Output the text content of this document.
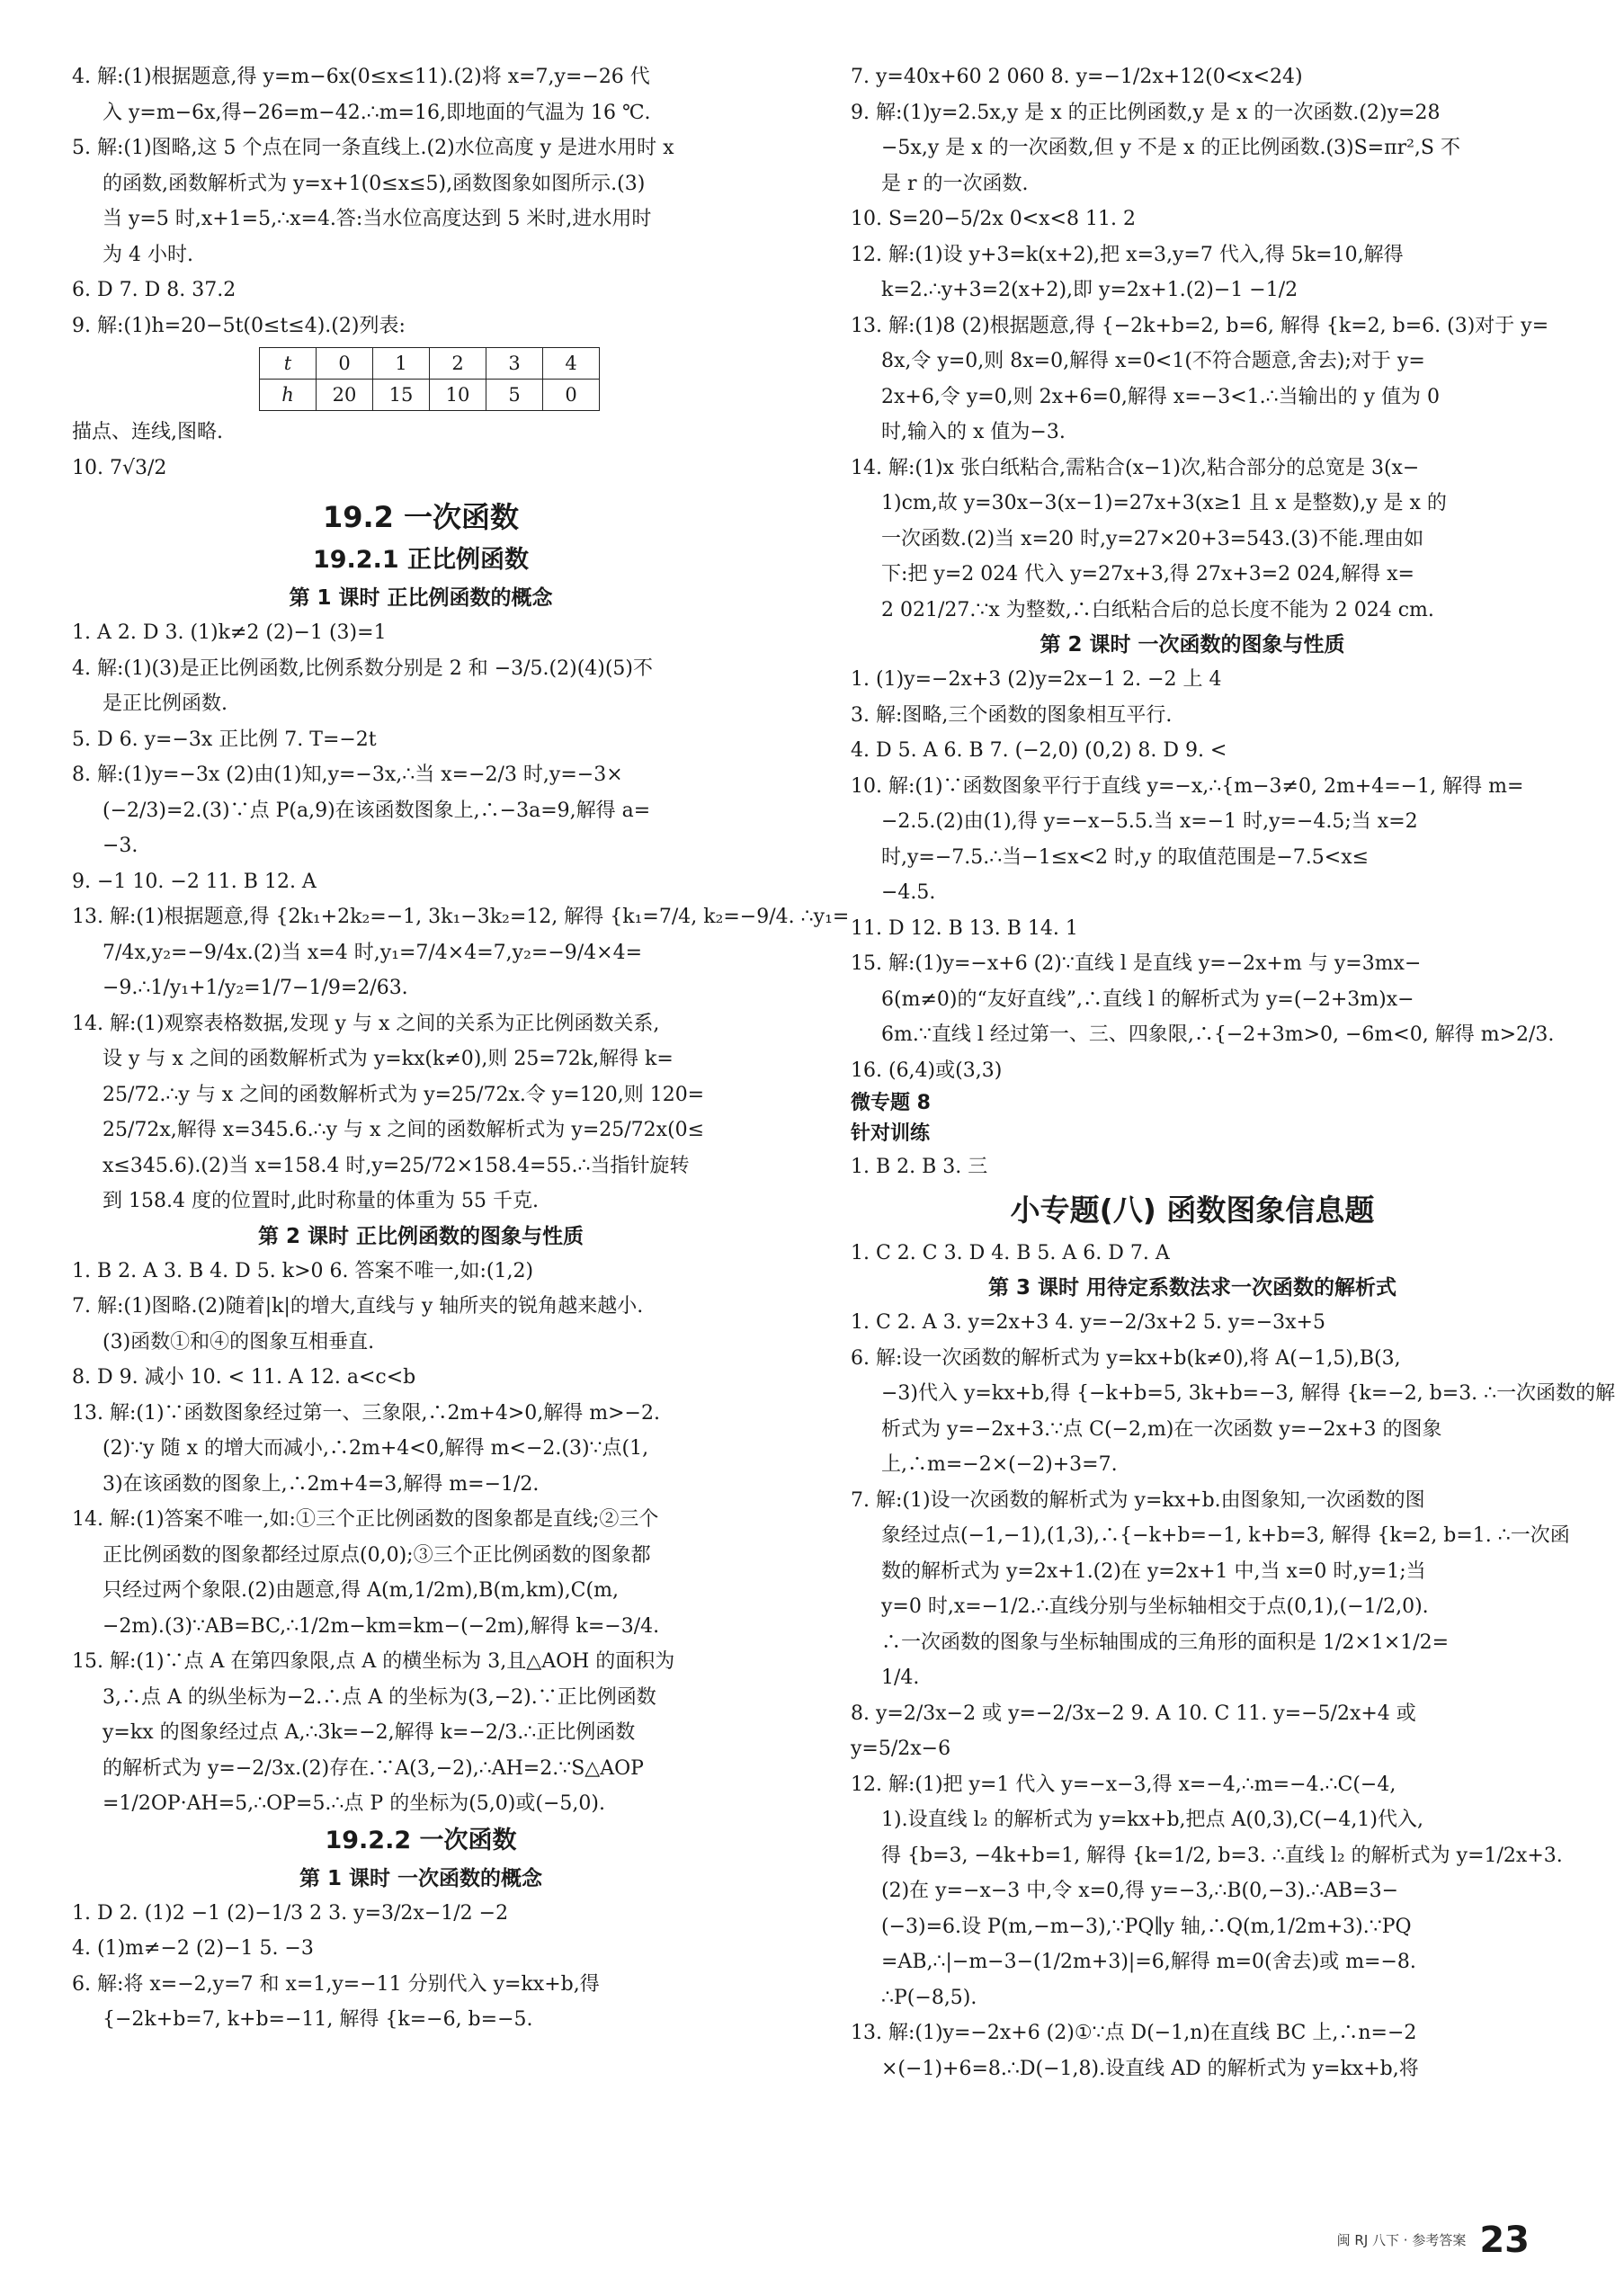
4. 解:(1)根据题意,得 y=m−6x(0≤x≤11).(2)将 x=7,y=−26 代
入 y=m−6x,得−26=m−42.∴m=16,即地面的气温为 16 ℃.
5. 解:(1)图略,这 5 个点在同一条直线上.(2)水位高度 y 是进水用时 x
的函数,函数解析式为 y=x+1(0≤x≤5),函数图象如图所示.(3)
当 y=5 时,x+1=5,∴x=4.答:当水位高度达到 5 米时,进水用时
为 4 小时.
6. D 7. D 8. 37.2
9. 解:(1)h=20−5t(0≤t≤4).(2)列表:
t	0	1	2	3	4
h	20	15	10	5	0
描点、连线,图略.
10. 7√3/2
19.2 一次函数
19.2.1 正比例函数
第 1 课时 正比例函数的概念
1. A 2. D 3. (1)k≠2 (2)−1 (3)=1
4. 解:(1)(3)是正比例函数,比例系数分别是 2 和 −3/5.(2)(4)(5)不
是正比例函数.
5. D 6. y=−3x 正比例 7. T=−2t
8. 解:(1)y=−3x (2)由(1)知,y=−3x,∴当 x=−2/3 时,y=−3×
(−2/3)=2.(3)∵点 P(a,9)在该函数图象上,∴−3a=9,解得 a=
−3.
9. −1 10. −2 11. B 12. A
13. 解:(1)根据题意,得 {2k₁+2k₂=−1, 3k₁−3k₂=12, 解得 {k₁=7/4, k₂=−9/4. ∴y₁=
7/4x,y₂=−9/4x.(2)当 x=4 时,y₁=7/4×4=7,y₂=−9/4×4=
−9.∴1/y₁+1/y₂=1/7−1/9=2/63.
14. 解:(1)观察表格数据,发现 y 与 x 之间的关系为正比例函数关系,
设 y 与 x 之间的函数解析式为 y=kx(k≠0),则 25=72k,解得 k=
25/72.∴y 与 x 之间的函数解析式为 y=25/72x.令 y=120,则 120=
25/72x,解得 x=345.6.∴y 与 x 之间的函数解析式为 y=25/72x(0≤
x≤345.6).(2)当 x=158.4 时,y=25/72×158.4=55.∴当指针旋转
到 158.4 度的位置时,此时称量的体重为 55 千克.
第 2 课时 正比例函数的图象与性质
1. B 2. A 3. B 4. D 5. k>0 6. 答案不唯一,如:(1,2)
7. 解:(1)图略.(2)随着|k|的增大,直线与 y 轴所夹的锐角越来越小.
(3)函数①和④的图象互相垂直.
8. D 9. 减小 10. < 11. A 12. a<c<b
13. 解:(1)∵函数图象经过第一、三象限,∴2m+4>0,解得 m>−2.
(2)∵y 随 x 的增大而减小,∴2m+4<0,解得 m<−2.(3)∵点(1,
3)在该函数的图象上,∴2m+4=3,解得 m=−1/2.
14. 解:(1)答案不唯一,如:①三个正比例函数的图象都是直线;②三个
正比例函数的图象都经过原点(0,0);③三个正比例函数的图象都
只经过两个象限.(2)由题意,得 A(m,1/2m),B(m,km),C(m,
−2m).(3)∵AB=BC,∴1/2m−km=km−(−2m),解得 k=−3/4.
15. 解:(1)∵点 A 在第四象限,点 A 的横坐标为 3,且△AOH 的面积为
3,∴点 A 的纵坐标为−2.∴点 A 的坐标为(3,−2).∵正比例函数
y=kx 的图象经过点 A,∴3k=−2,解得 k=−2/3.∴正比例函数
的解析式为 y=−2/3x.(2)存在.∵A(3,−2),∴AH=2.∵S△AOP
=1/2OP·AH=5,∴OP=5.∴点 P 的坐标为(5,0)或(−5,0).
19.2.2 一次函数
第 1 课时 一次函数的概念
1. D 2. (1)2 −1 (2)−1/3 2 3. y=3/2x−1/2 −2
4. (1)m≠−2 (2)−1 5. −3
6. 解:将 x=−2,y=7 和 x=1,y=−11 分别代入 y=kx+b,得
{−2k+b=7, k+b=−11, 解得 {k=−6, b=−5.
7. y=40x+60 2 060 8. y=−1/2x+12(0<x<24)
9. 解:(1)y=2.5x,y 是 x 的正比例函数,y 是 x 的一次函数.(2)y=28
−5x,y 是 x 的一次函数,但 y 不是 x 的正比例函数.(3)S=πr²,S 不
是 r 的一次函数.
10. S=20−5/2x 0<x<8 11. 2
12. 解:(1)设 y+3=k(x+2),把 x=3,y=7 代入,得 5k=10,解得
k=2.∴y+3=2(x+2),即 y=2x+1.(2)−1 −1/2
13. 解:(1)8 (2)根据题意,得 {−2k+b=2, b=6, 解得 {k=2, b=6. (3)对于 y=
8x,令 y=0,则 8x=0,解得 x=0<1(不符合题意,舍去);对于 y=
2x+6,令 y=0,则 2x+6=0,解得 x=−3<1.∴当输出的 y 值为 0
时,输入的 x 值为−3.
14. 解:(1)x 张白纸粘合,需粘合(x−1)次,粘合部分的总宽是 3(x−
1)cm,故 y=30x−3(x−1)=27x+3(x≥1 且 x 是整数),y 是 x 的
一次函数.(2)当 x=20 时,y=27×20+3=543.(3)不能.理由如
下:把 y=2 024 代入 y=27x+3,得 27x+3=2 024,解得 x=
2 021/27.∵x 为整数,∴白纸粘合后的总长度不能为 2 024 cm.
第 2 课时 一次函数的图象与性质
1. (1)y=−2x+3 (2)y=2x−1 2. −2 上 4
3. 解:图略,三个函数的图象相互平行.
4. D 5. A 6. B 7. (−2,0) (0,2) 8. D 9. <
10. 解:(1)∵函数图象平行于直线 y=−x,∴{m−3≠0, 2m+4=−1, 解得 m=
−2.5.(2)由(1),得 y=−x−5.5.当 x=−1 时,y=−4.5;当 x=2
时,y=−7.5.∴当−1≤x<2 时,y 的取值范围是−7.5<x≤
−4.5.
11. D 12. B 13. B 14. 1
15. 解:(1)y=−x+6 (2)∵直线 l 是直线 y=−2x+m 与 y=3mx−
6(m≠0)的“友好直线”,∴直线 l 的解析式为 y=(−2+3m)x−
6m.∵直线 l 经过第一、三、四象限,∴{−2+3m>0, −6m<0, 解得 m>2/3.
16. (6,4)或(3,3)
微专题 8
针对训练
1. B 2. B 3. 三
小专题(八) 函数图象信息题
1. C 2. C 3. D 4. B 5. A 6. D 7. A
第 3 课时 用待定系数法求一次函数的解析式
1. C 2. A 3. y=2x+3 4. y=−2/3x+2 5. y=−3x+5
6. 解:设一次函数的解析式为 y=kx+b(k≠0),将 A(−1,5),B(3,
−3)代入 y=kx+b,得 {−k+b=5, 3k+b=−3, 解得 {k=−2, b=3. ∴一次函数的解
析式为 y=−2x+3.∵点 C(−2,m)在一次函数 y=−2x+3 的图象
上,∴m=−2×(−2)+3=7.
7. 解:(1)设一次函数的解析式为 y=kx+b.由图象知,一次函数的图
象经过点(−1,−1),(1,3),∴{−k+b=−1, k+b=3, 解得 {k=2, b=1. ∴一次函
数的解析式为 y=2x+1.(2)在 y=2x+1 中,当 x=0 时,y=1;当
y=0 时,x=−1/2.∴直线分别与坐标轴相交于点(0,1),(−1/2,0).
∴一次函数的图象与坐标轴围成的三角形的面积是 1/2×1×1/2=
1/4.
8. y=2/3x−2 或 y=−2/3x−2 9. A 10. C 11. y=−5/2x+4 或
y=5/2x−6
12. 解:(1)把 y=1 代入 y=−x−3,得 x=−4,∴m=−4.∴C(−4,
1).设直线 l₂ 的解析式为 y=kx+b,把点 A(0,3),C(−4,1)代入,
得 {b=3, −4k+b=1, 解得 {k=1/2, b=3. ∴直线 l₂ 的解析式为 y=1/2x+3.
(2)在 y=−x−3 中,令 x=0,得 y=−3,∴B(0,−3).∴AB=3−
(−3)=6.设 P(m,−m−3),∵PQ∥y 轴,∴Q(m,1/2m+3).∵PQ
=AB,∴|−m−3−(1/2m+3)|=6,解得 m=0(舍去)或 m=−8.
∴P(−8,5).
13. 解:(1)y=−2x+6 (2)①∵点 D(−1,n)在直线 BC 上,∴n=−2
×(−1)+6=8.∴D(−1,8).设直线 AD 的解析式为 y=kx+b,将
闽 RJ 八下 · 参考答案 23
